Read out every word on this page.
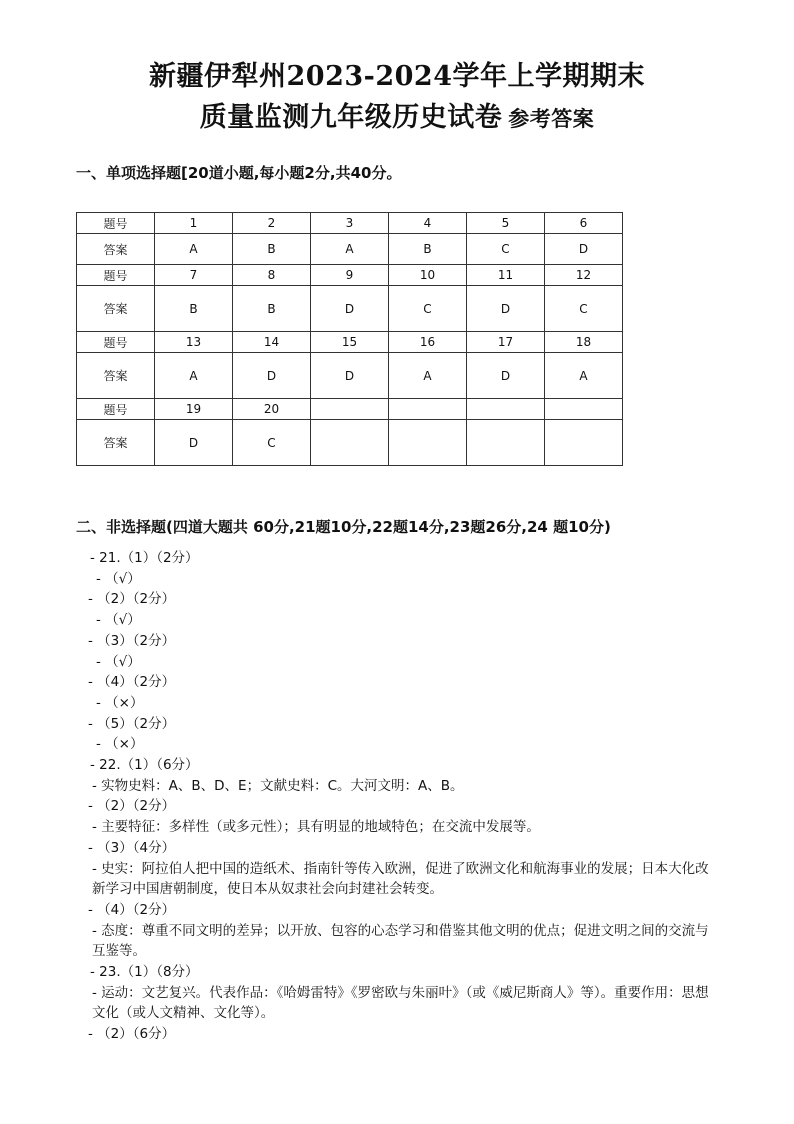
新疆伊犁州2023-2024学年上学期期末
质量监测九年级历史试卷 参考答案
一、单项选择题[20道小题,每小题2分,共40分。
题号	1	2	3	4	5	6
答案	A	B	A	B	C	D
题号	7	8	9	10	11	12
答案	B	B	D	C	D	C
题号	13	14	15	16	17	18
答案	A	D	D	A	D	A
题号	19	20				
答案	D	C				
二、非选择题(四道大题共 60分,21题10分,22题14分,23题26分,24 题10分)
- 21.（1）（2分）
- （√）
- （2）（2分）
- （√）
- （3）（2分）
- （√）
- （4）（2分）
- （×）
- （5）（2分）
- （×）
- 22.（1）（6分）
- 实物史料：A、B、D、E；文献史料：C。大河文明：A、B。
- （2）（2分）
- 主要特征：多样性（或多元性）；具有明显的地域特色；在交流中发展等。
- （3）（4分）
- 史实：阿拉伯人把中国的造纸术、指南针等传入欧洲，促进了欧洲文化和航海事业的发展；日本大化改新学习中国唐朝制度，使日本从奴隶社会向封建社会转变。
- （4）（2分）
- 态度：尊重不同文明的差异；以开放、包容的心态学习和借鉴其他文明的优点；促进文明之间的交流与互鉴等。
- 23.（1）（8分）
- 运动：文艺复兴。代表作品：《哈姆雷特》《罗密欧与朱丽叶》（或《威尼斯商人》等）。重要作用：思想文化（或人文精神、文化等）。
- （2）（6分）
